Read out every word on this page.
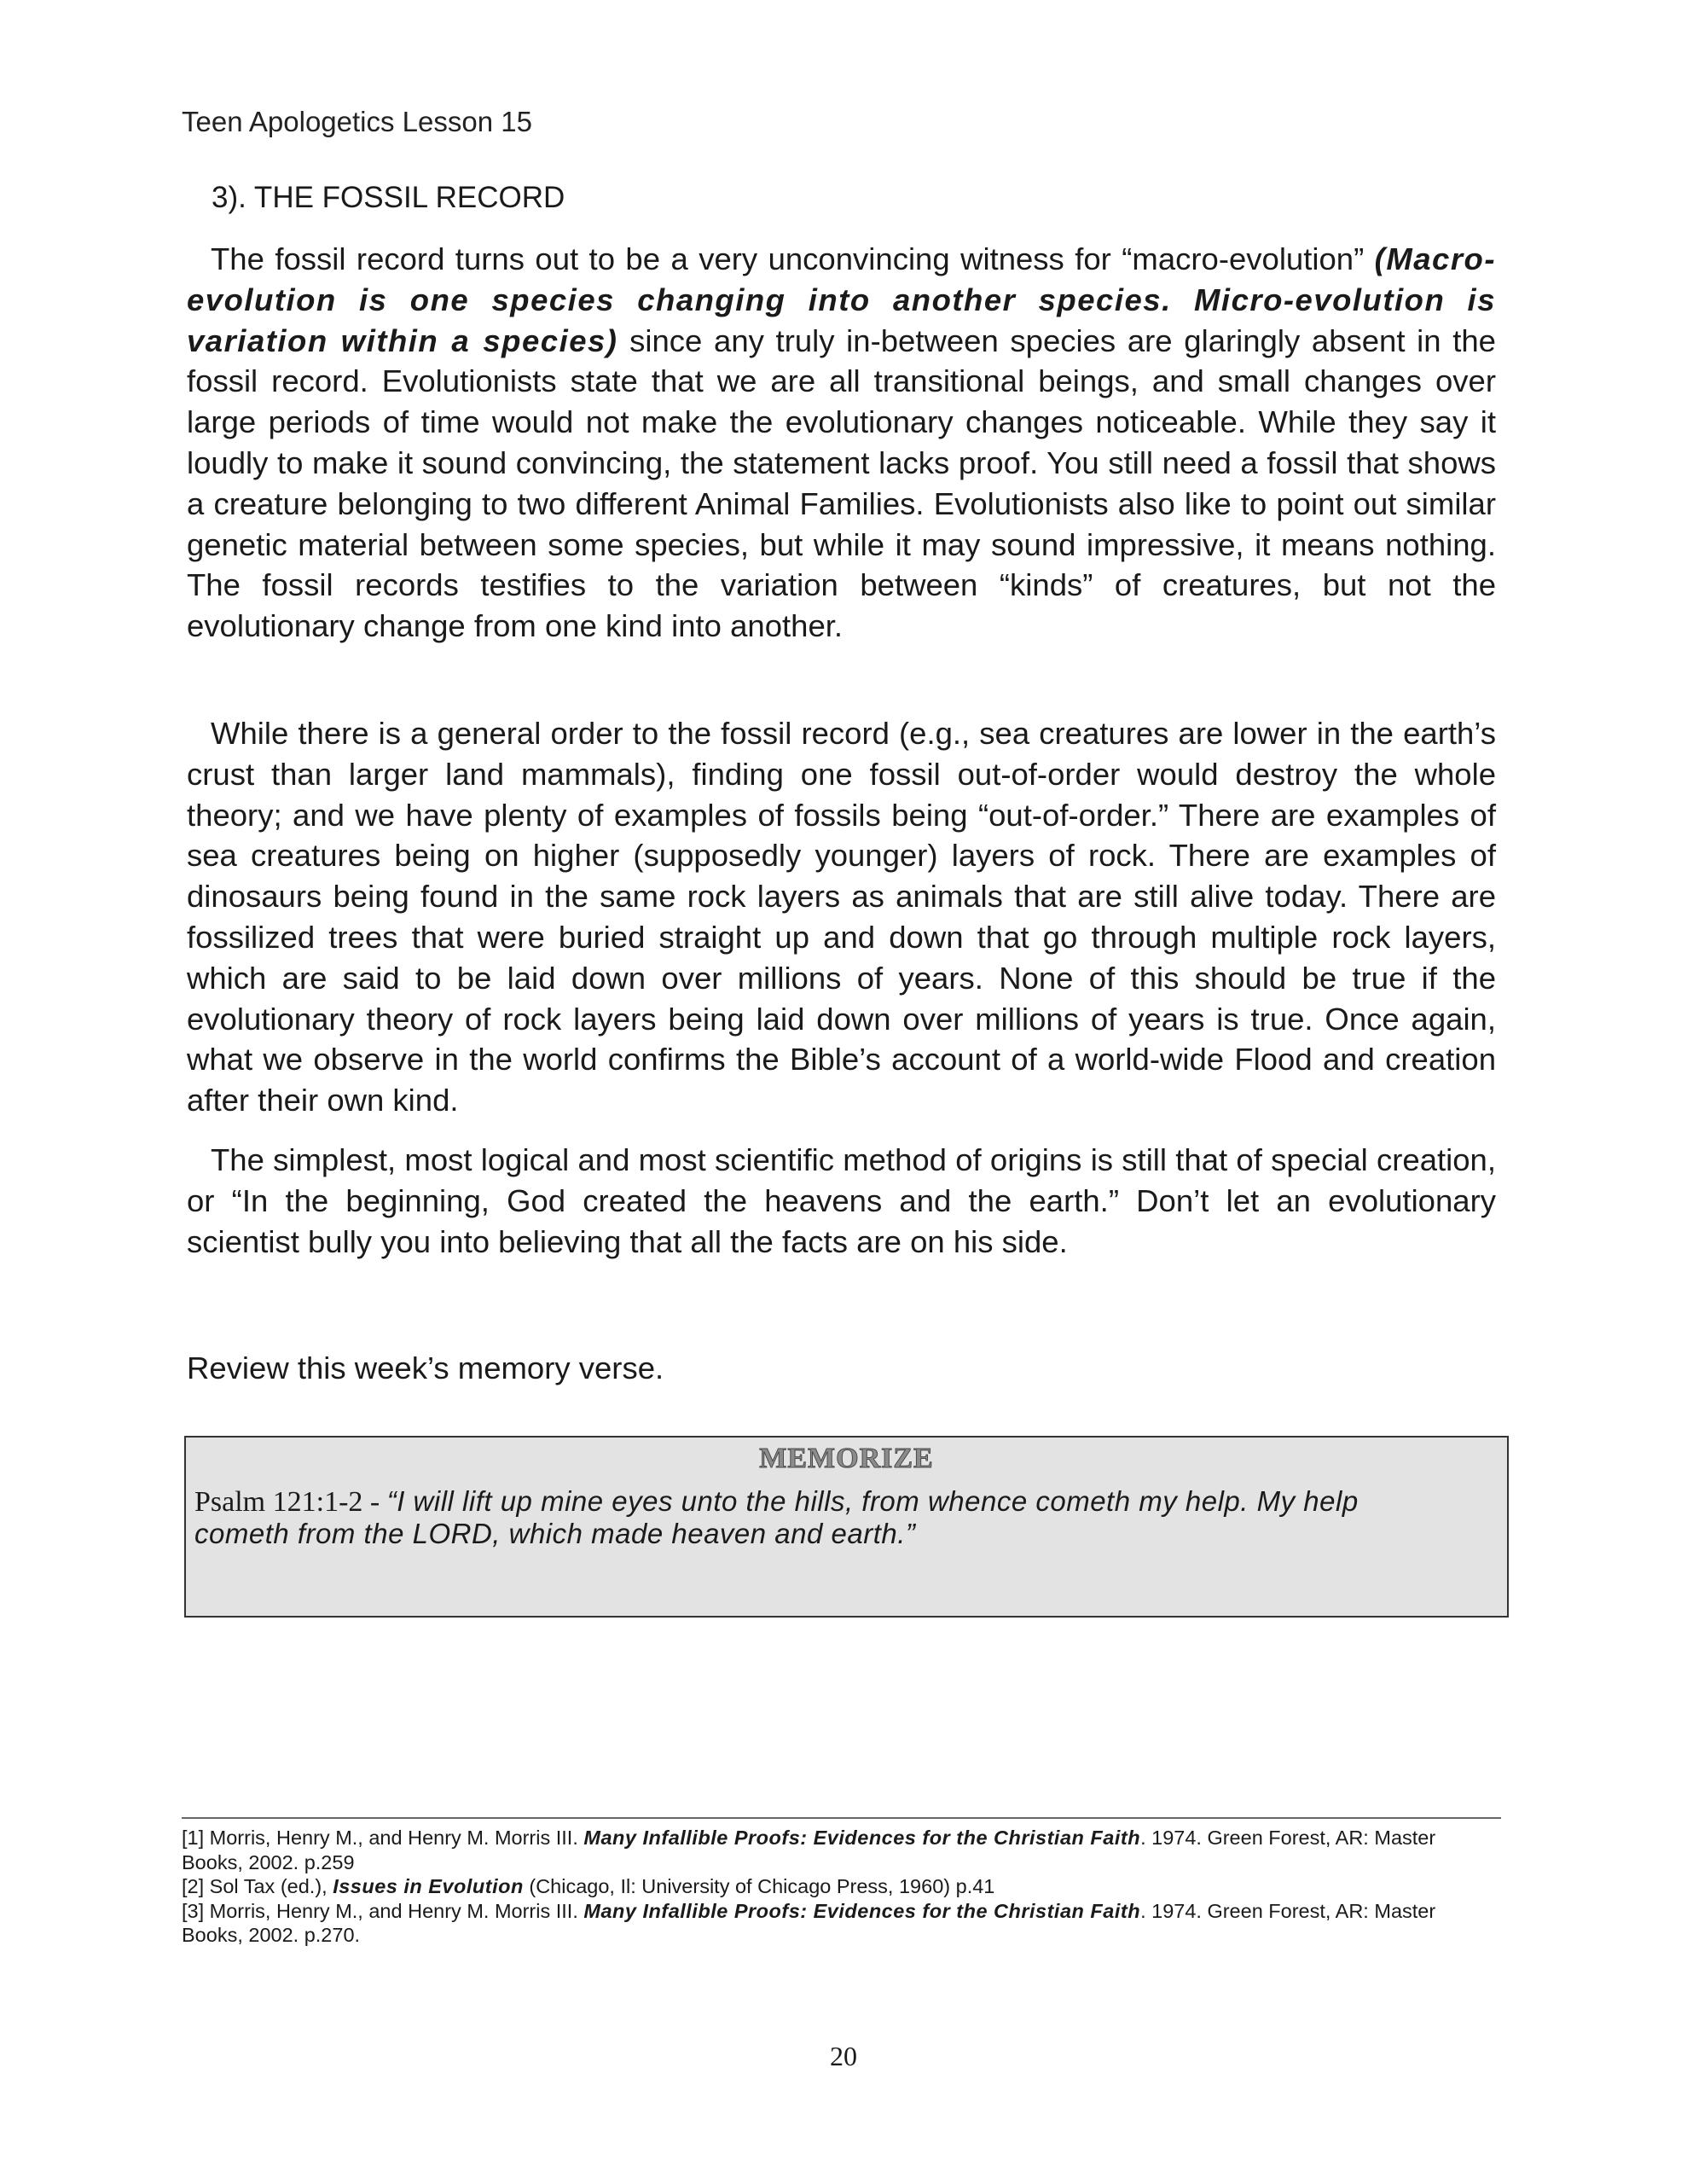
Teen Apologetics Lesson 15
3). THE FOSSIL RECORD

The fossil record turns out to be a very unconvincing witness for “macro-evolution” (Macro-evolution is one species changing into another species. Micro-evolution is variation within a species) since any truly in-between species are glaringly absent in the fossil record. Evolutionists state that we are all transitional beings, and small changes over large periods of time would not make the evolutionary changes noticeable. While they say it loudly to make it sound convincing, the statement lacks proof. You still need a fossil that shows a creature belonging to two different Animal Families. Evolutionists also like to point out similar genetic material between some species, but while it may sound impressive, it means nothing. The fossil records testifies to the variation between “kinds” of creatures, but not the evolutionary change from one kind into another.

While there is a general order to the fossil record (e.g., sea creatures are lower in the earth’s crust than larger land mammals), finding one fossil out-of-order would destroy the whole theory; and we have plenty of examples of fossils being “out-of-order.” There are examples of sea creatures being on higher (supposedly younger) layers of rock. There are examples of dinosaurs being found in the same rock layers as animals that are still alive today. There are fossilized trees that were buried straight up and down that go through multiple rock layers, which are said to be laid down over millions of years. None of this should be true if the evolutionary theory of rock layers being laid down over millions of years is true. Once again, what we observe in the world confirms the Bible’s account of a world-wide Flood and creation after their own kind.

The simplest, most logical and most scientific method of origins is still that of special creation, or “In the beginning, God created the heavens and the earth.” Don’t let an evolutionary scientist bully you into believing that all the facts are on his side.

Review this week’s memory verse.
MEMORIZE

Psalm 121:1-2 - “I will lift up mine eyes unto the hills, from whence cometh my help. My help cometh from the LORD, which made heaven and earth.”

[1] Morris, Henry M., and Henry M. Morris III. Many Infallible Proofs: Evidences for the Christian Faith. 1974. Green Forest, AR: Master Books, 2002. p.259
[2] Sol Tax (ed.), Issues in Evolution (Chicago, Il: University of Chicago Press, 1960) p.41
[3] Morris, Henry M., and Henry M. Morris III. Many Infallible Proofs: Evidences for the Christian Faith. 1974. Green Forest, AR: Master Books, 2002. p.270.
20
